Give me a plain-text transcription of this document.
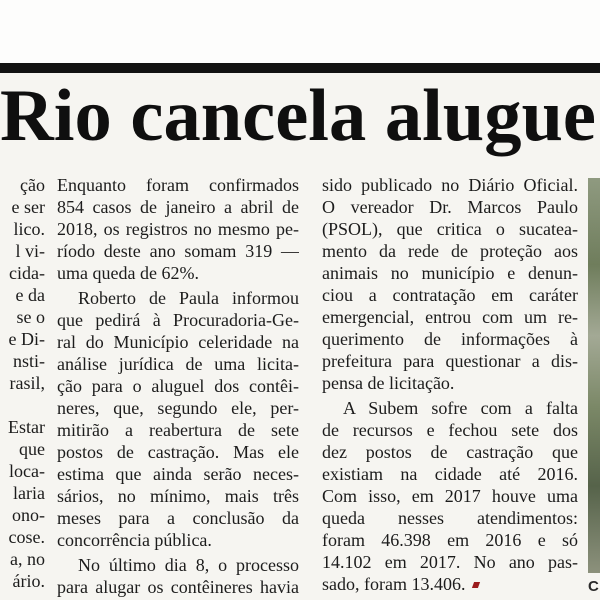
Rio cancela alugue
ção
e ser
lico.
l vi-
cida-
e da
se o
e Di-
nsti-
rasil,
Estar
que
loca-
laria
ono-
cose.
a, no
ário.
Enquanto foram confirmados
854 casos de janeiro a abril de
2018, os registros no mesmo pe-
ríodo deste ano somam 319 —
uma queda de 62%.
Roberto de Paula informou
que pedirá à Procuradoria-Ge-
ral do Município celeridade na
análise jurídica de uma licita-
ção para o aluguel dos contêi-
neres, que, segundo ele, per-
mitirão a reabertura de sete
postos de castração. Mas ele
estima que ainda serão neces-
sários, no mínimo, mais três
meses para a conclusão da
concorrência pública.
No último dia 8, o processo
para alugar os contêineres havia
sido publicado no Diário Oficial.
O vereador Dr. Marcos Paulo
(PSOL), que critica o sucatea-
mento da rede de proteção aos
animais no município e denun-
ciou a contratação em caráter
emergencial, entrou com um re-
querimento de informações à
prefeitura para questionar a dis-
pensa de licitação.
A Subem sofre com a falta
de recursos e fechou sete dos
dez postos de castração que
existiam na cidade até 2016.
Com isso, em 2017 houve uma
queda nesses atendimentos:
foram 46.398 em 2016 e só
14.102 em 2017. No ano pas-
sado, foram 13.406.	C
